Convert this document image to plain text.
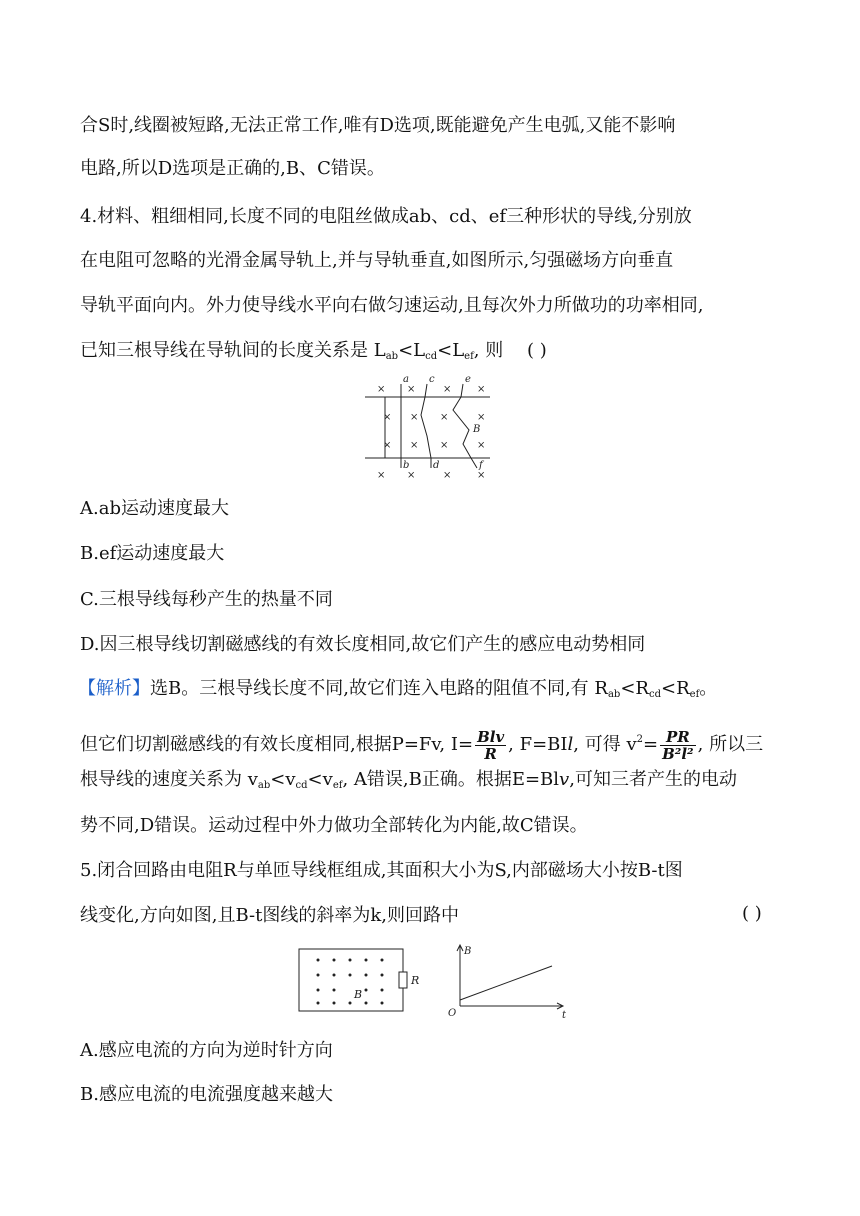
合S时,线圈被短路,无法正常工作,唯有D选项,既能避免产生电弧,又能不影响
电路,所以D选项是正确的,B、C错误。
4.材料、粗细相同,长度不同的电阻丝做成ab、cd、ef三种形状的导线,分别放
在电阻可忽略的光滑金属导轨上,并与导轨垂直,如图所示,匀强磁场方向垂直
导轨平面向内。外力使导线水平向右做匀速运动,且每次外力所做功的功率相同,
已知三根导线在导轨间的长度关系是 $L_{ab}<L_{cd}<L_{ef}$, 则 ( )
× ×	×	×
× × ×	×
× × ×	×
× ×	×	×
a
b
c
d
e
f
B
A.ab运动速度最大
B.ef运动速度最大
C.三根导线每秒产生的热量不同
D.因三根导线切割磁感线的有效长度相同,故它们产生的感应电动势相同
【解析】选B。三根导线长度不同,故它们连入电路的阻值不同,有 $R_{ab}<R_{cd}<R_{ef}$。
但它们切割磁感线的有效长度相同,根据P=Fv, $I= \frac{\text{Blv}}{R}$ , F=BIl, 可得 $v^2= \frac{PR}{\text{B²l²}}$ , 所以三
根导线的速度关系为 $v_{ab}<v_{cd}<v_{ef}$, A错误,B正确。根据E=Blv,可知三者产生的电动
势不同,D错误。运动过程中外力做功全部转化为内能,故C错误。
5.闭合回路由电阻R与单匝导线框组成,其面积大小为S,内部磁场大小按B-t图
线变化,方向如图,且B-t图线的斜率为k,则回路中	( )
R
B
B
t
O
A.感应电流的方向为逆时针方向
B.感应电流的电流强度越来越大
